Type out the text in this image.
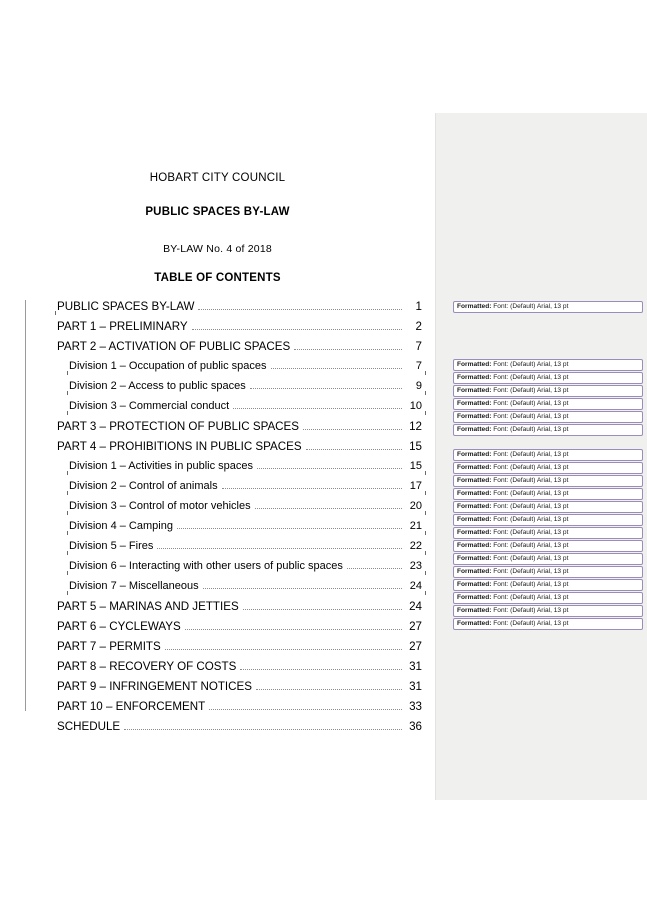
HOBART CITY COUNCIL
PUBLIC SPACES BY-LAW
BY-LAW No. 4 of 2018
TABLE OF CONTENTS
PUBLIC SPACES BY-LAW	1
PART 1 – PRELIMINARY	2
PART 2 – ACTIVATION OF PUBLIC SPACES	7
Division 1 – Occupation of public spaces	7
Division 2 – Access to public spaces	9
Division 3 – Commercial conduct	10
PART 3 – PROTECTION OF PUBLIC SPACES	12
PART 4 – PROHIBITIONS IN PUBLIC SPACES	15
Division 1 – Activities in public spaces	15
Division 2 – Control of animals	17
Division 3 – Control of motor vehicles	20
Division 4 – Camping	21
Division 5 – Fires	22
Division 6 – Interacting with other users of public spaces	23
Division 7 – Miscellaneous	24
PART 5 – MARINAS AND JETTIES	24
PART 6 – CYCLEWAYS	27
PART 7 – PERMITS	27
PART 8 – RECOVERY OF COSTS	31
PART 9 – INFRINGEMENT NOTICES	31
PART 10 – ENFORCEMENT	33
SCHEDULE	36
Formatted: Font: (Default) Arial, 13 pt
Formatted: Font: (Default) Arial, 13 pt
Formatted: Font: (Default) Arial, 13 pt
Formatted: Font: (Default) Arial, 13 pt
Formatted: Font: (Default) Arial, 13 pt
Formatted: Font: (Default) Arial, 13 pt
Formatted: Font: (Default) Arial, 13 pt
Formatted: Font: (Default) Arial, 13 pt
Formatted: Font: (Default) Arial, 13 pt
Formatted: Font: (Default) Arial, 13 pt
Formatted: Font: (Default) Arial, 13 pt
Formatted: Font: (Default) Arial, 13 pt
Formatted: Font: (Default) Arial, 13 pt
Formatted: Font: (Default) Arial, 13 pt
Formatted: Font: (Default) Arial, 13 pt
Formatted: Font: (Default) Arial, 13 pt
Formatted: Font: (Default) Arial, 13 pt
Formatted: Font: (Default) Arial, 13 pt
Formatted: Font: (Default) Arial, 13 pt
Formatted: Font: (Default) Arial, 13 pt
Formatted: Font: (Default) Arial, 13 pt
